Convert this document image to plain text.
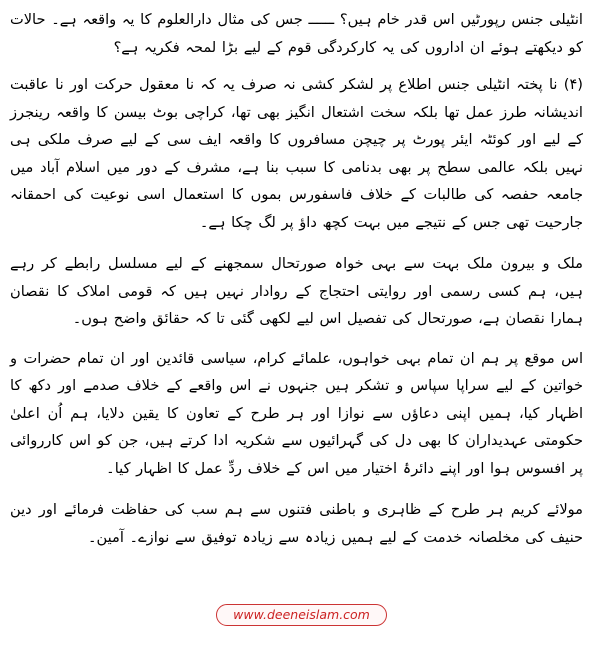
انٹیلی جنس رپورٹیں اس قدر خام ہیں؟ ــــــ جس کی مثال دارالعلوم کا یہ واقعہ ہے۔ حالات کو دیکھتے ہوئے ان اداروں کی یہ کارکردگی قوم کے لیے بڑا لمحہ فکریہ ہے؟

(۴) نا پختہ انٹیلی جنس اطلاع پر لشکر کشی نہ صرف یہ کہ نا معقول حرکت اور نا عاقبت اندیشانہ طرز عمل تھا بلکہ سخت اشتعال انگیز بھی تھا، کراچی بوٹ بیسن کا واقعہ رینجرز کے لیے اور کوئٹہ ایئر پورٹ پر چیچن مسافروں کا واقعہ ایف سی کے لیے صرف ملکی ہی نہیں بلکہ عالمی سطح پر بھی بدنامی کا سبب بنا ہے، مشرف کے دور میں اسلام آباد میں جامعہ حفصہ کی طالبات کے خلاف فاسفورس بموں کا استعمال اسی نوعیت کی احمقانہ جارحیت تھی جس کے نتیجے میں بہت کچھ داؤ پر لگ چکا ہے۔

ملک و بیرون ملک بہت سے بہی خواہ صورتحال سمجھنے کے لیے مسلسل رابطے کر رہے ہیں، ہم کسی رسمی اور روایتی احتجاج کے روادار نہیں ہیں کہ قومی املاک کا نقصان ہمارا نقصان ہے، صورتحال کی تفصیل اس لیے لکھی گئی تا کہ حقائق واضح ہوں۔

اس موقع پر ہم ان تمام بہی خواہوں، علمائے کرام، سیاسی قائدین اور ان تمام حضرات و خواتین کے لیے سراپا سپاس و تشکر ہیں جنہوں نے اس واقعے کے خلاف صدمے اور دکھ کا اظہار کیا، ہمیں اپنی دعاؤں سے نوازا اور ہر طرح کے تعاون کا یقین دلایا، ہم اُن اعلیٰ حکومتی عہدیداران کا بھی دل کی گہرائیوں سے شکریہ ادا کرتے ہیں، جن کو اس کارروائی پر افسوس ہوا اور اپنے دائرۂ اختیار میں اس کے خلاف ردِّ عمل کا اظہار کیا۔

مولائے کریم ہر طرح کے ظاہری و باطنی فتنوں سے ہم سب کی حفاظت فرمائے اور دین حنیف کی مخلصانہ خدمت کے لیے ہمیں زیادہ سے زیادہ توفیق سے نوازے۔ آمین۔

www.deeneislam.com
